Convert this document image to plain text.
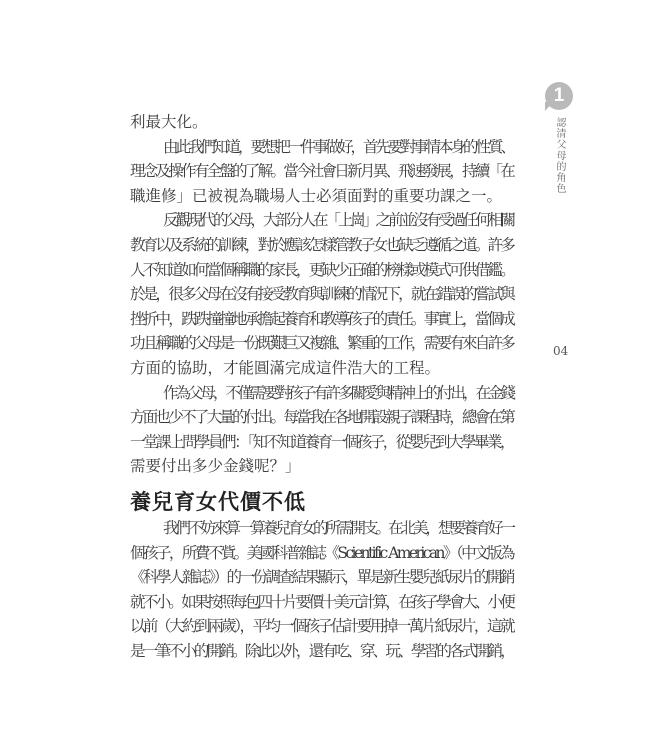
1
認清父母的角色
04
利最大化。
由此我們知道，要想把一件事做好，首先要對事情本身的性質、
理念及操作有全盤的了解。當今社會日新月異、飛速發展，持續「在
職進修」已被視為職場人士必須面對的重要功課之一。
反觀現代的父母，大部分人在「上崗」之前並沒有受過任何相關
教育以及系統的訓練，對於應該怎樣管教子女也缺乏遵循之道。許多
人不知道如何當個稱職的家長，更缺少正確的榜樣或模式可供借鑑。
於是，很多父母在沒有接受教育與訓練的情況下，就在錯誤的嘗試與
挫折中，跌跌撞撞地承擔起養育和教導孩子的責任。事實上，當個成
功且稱職的父母是一份既艱巨又複雜、繁重的工作，需要有來自許多
方面的協助，才能圓滿完成這件浩大的工程。
作為父母，不僅需要對孩子有許多關愛與精神上的付出，在金錢
方面也少不了大量的付出。每當我在各地開設親子課程時，總會在第
一堂課上問學員們：「知不知道養育一個孩子，從嬰兒到大學畢業，
需要付出多少金錢呢？」
養兒育女代價不低
我們不妨來算一算養兒育女的所需開支。在北美，想要養育好一
個孩子，所費不貲。美國科普雜誌《Scientific American》（中文版為
《科學人雜誌》）的一份調查結果顯示，單是新生嬰兒紙尿片的開銷
就不小。如果按照每包四十片要價十美元計算，在孩子學會大、小便
以前（大約到兩歲），平均一個孩子估計要用掉一萬片紙尿片，這就
是一筆不小的開銷。除此以外，還有吃、穿、玩、學習的各式開銷，
